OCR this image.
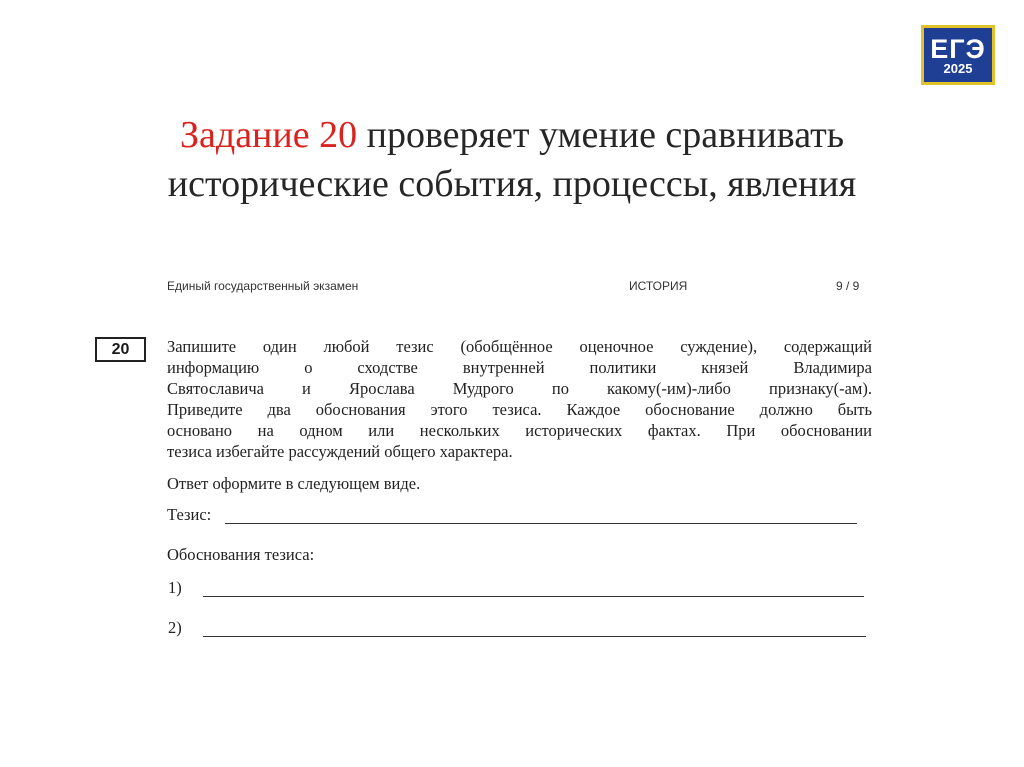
ЕГЭ
2025
Задание 20 проверяет умение сравнивать
исторические события, процессы, явления
Единый государственный экзамен	ИСТОРИЯ	9 / 9
20	Запишите один любой тезис (обобщённое оценочное суждение), содержащий
информацию о сходстве внутренней политики князей Владимира
Святославича и Ярослава Мудрого по какому(-им)-либо признаку(-ам).
Приведите два обоснования этого тезиса. Каждое обоснование должно быть
основано на одном или нескольких исторических фактах. При обосновании
тезиса избегайте рассуждений общего характера.
Ответ оформите в следующем виде.
Тезис:
Обоснования тезиса:
1)
2)
